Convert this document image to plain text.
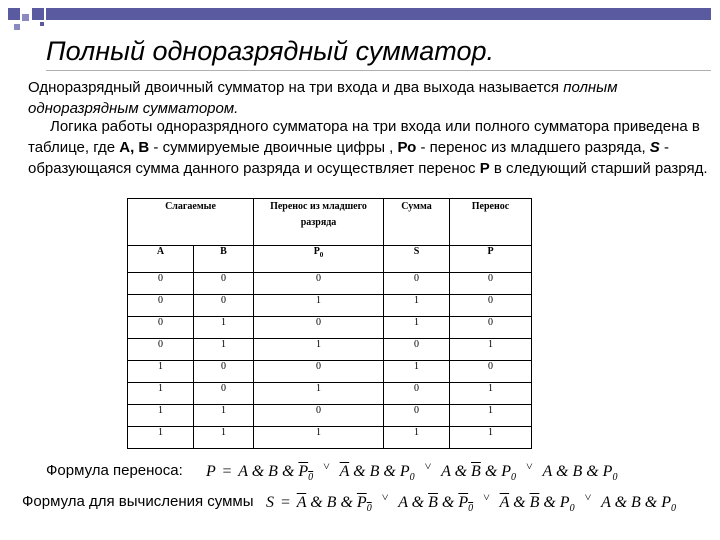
Полный одноразрядный сумматор.
Одноразрядный двоичный сумматор на три входа и два выхода называется полным одноразрядным сумматором.
Логика работы одноразрядного сумматора на три входа или полного сумматора приведена в таблице, где А, В - суммируемые двоичные цифры , Ро - перенос из младшего разряда, S - образующаяся сумма данного разряда и осуществляет перенос Р в следующий старший разряд.
Слагаемые		Перенос из младшего разряда	Сумма	Перенос
A	B	$P_0$	S	P
0	0	0	0	0
0	0	1	1	0
0	1	0	1	0
0	1	1	0	1
1	0	0	1	0
1	0	1	0	1
1	1	0	0	1
1	1	1	1	1
Формула переноса: P = A & B & $P_0$ ˅ $\overline{A}$ & B & $P_0$ ˅ A & $\overline{B}$ & $P_0$ ˅ A & B & $P_0$
Формула для вычисления суммы $S = \overline{A}$ & B & $P_0$ ˅ A & $\overline{B}$ & $P_0$ ˅ $\overline{A}$ & $\overline{B}$ & $P_0$ ˅ A & B & $P_0$
